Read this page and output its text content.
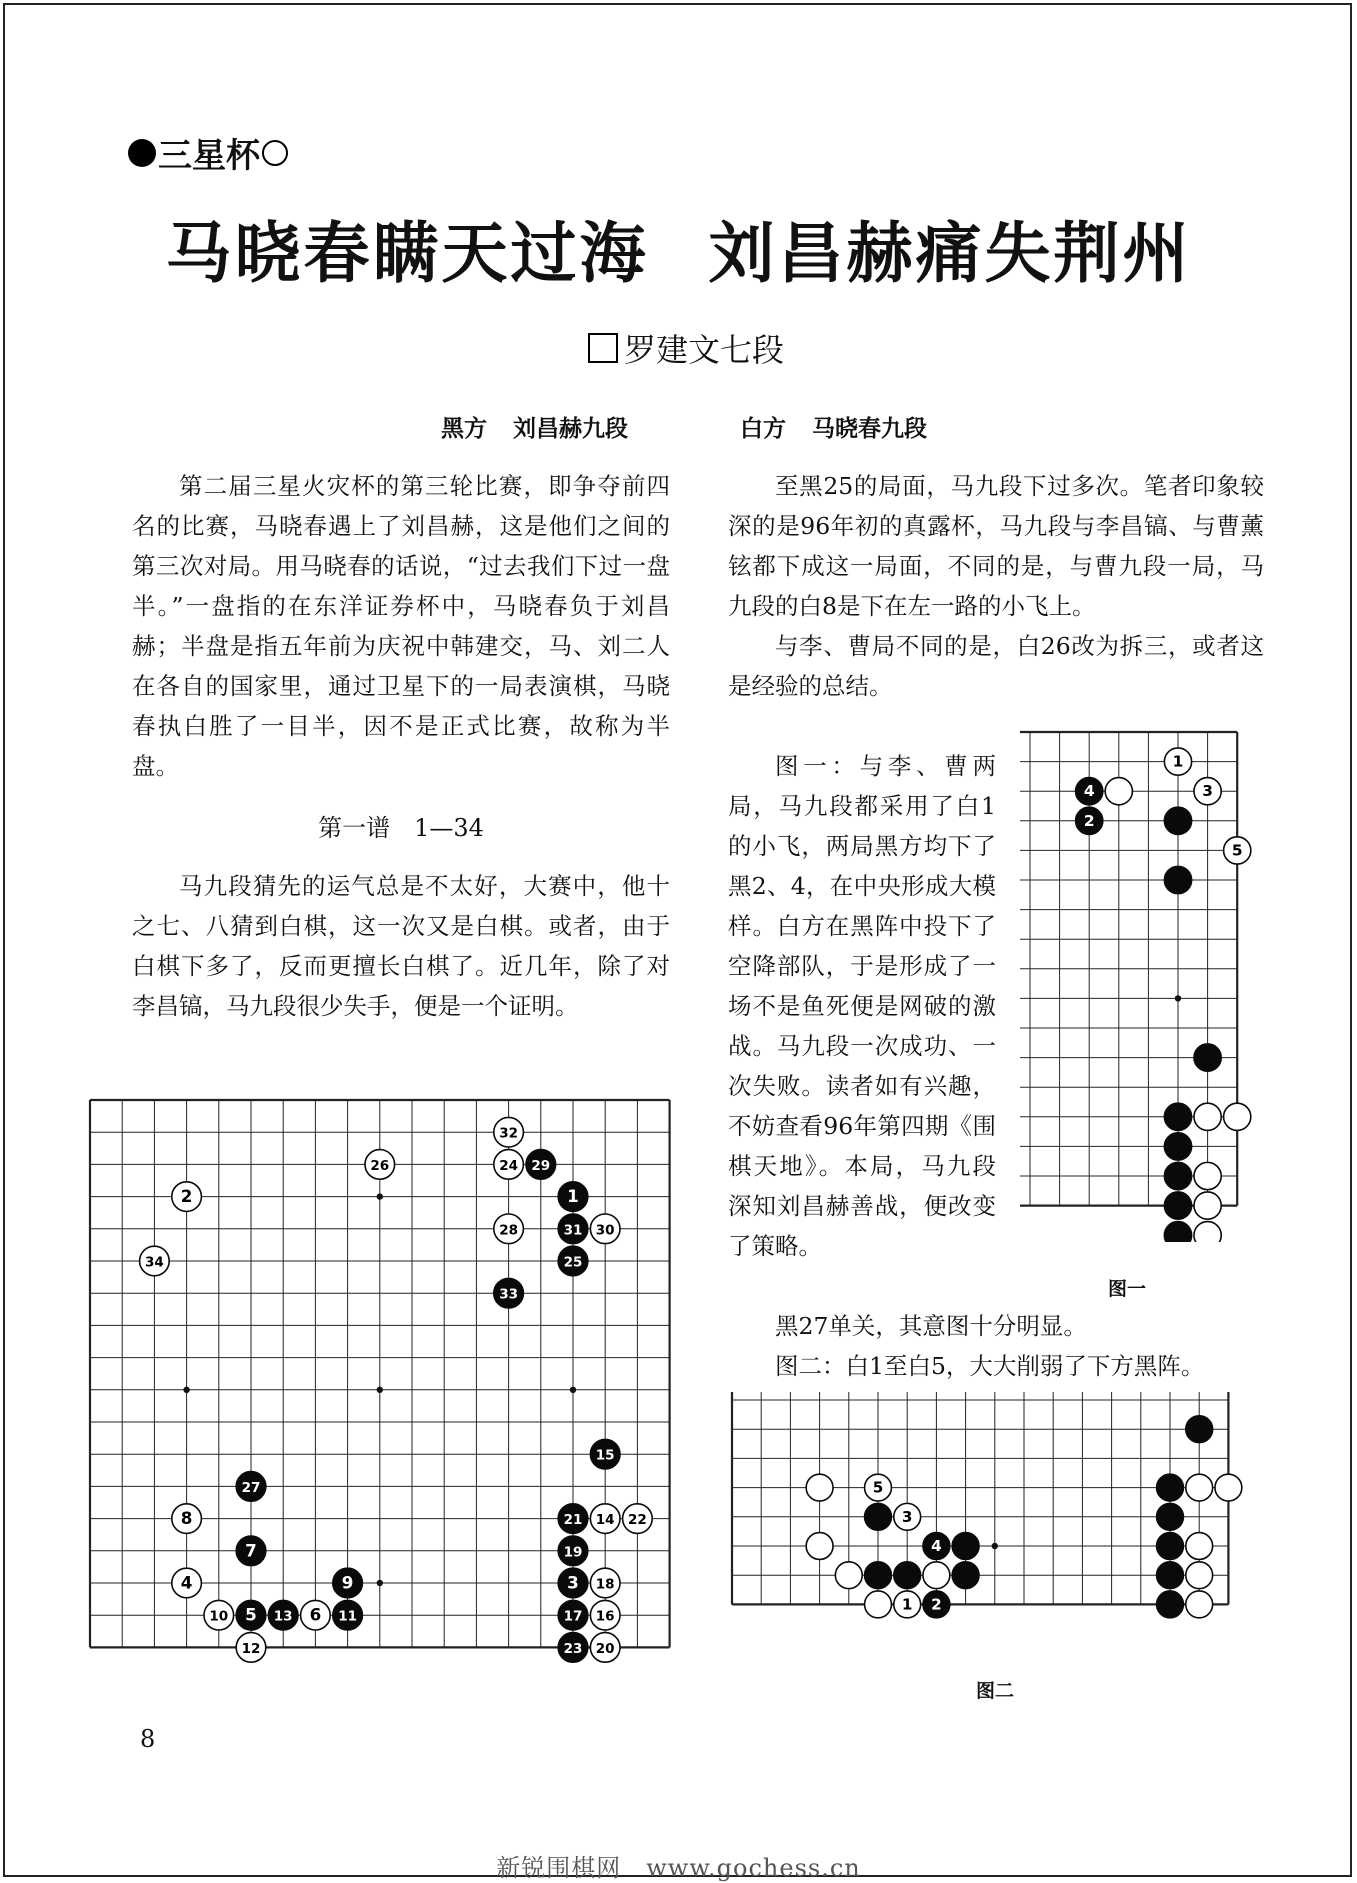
三星杯
马晓春瞒天过海 刘昌赫痛失荆州
罗建文七段
黑方 刘昌赫九段	白方 马晓春九段

第二届三星火灾杯的第三轮比赛，即争夺前四名的比赛，马晓春遇上了刘昌赫，这是他们之间的第三次对局。用马晓春的话说，“过去我们下过一盘半。”一盘指的在东洋证券杯中，马晓春负于刘昌赫；半盘是指五年前为庆祝中韩建交，马、刘二人在各自的国家里，通过卫星下的一局表演棋，马晓春执白胜了一目半，因不是正式比赛，故称为半盘。

第一谱　1—34

马九段猜先的运气总是不太好，大赛中，他十之七、八猜到白棋，这一次又是白棋。或者，由于白棋下多了，反而更擅长白棋了。近几年，除了对李昌镐，马九段很少失手，便是一个证明。

至黑25的局面，马九段下过多次。笔者印象较深的是96年初的真露杯，马九段与李昌镐、与曹薰铉都下成这一局面，不同的是，与曹九段一局，马九段的白8是下在左一路的小飞上。

与李、曹局不同的是，白26改为拆三，或者这是经验的总结。

图一：与李、曹两局，马九段都采用了白1的小飞，两局黑方均下了黑2、4，在中央形成大模样。白方在黑阵中投下了空降部队，于是形成了一场不是鱼死便是网破的激战。马九段一次成功、一次失败。读者如有兴趣，不妨查看96年第四期《围棋天地》。本局，马九段深知刘昌赫善战，便改变了策略。

黑27单关，其意图十分明显。

图二：白1至白5，大大削弱了下方黑阵。

1
2
3
4
5	6
7
8
9
10	11
12
13
14
15
16
17
18
19
20
21	22
23
24
25
26
27
28
29
30
31
32
33
34
1
2
3
4
5
图一
1 2
3
4
5
图二
8
新锐围棋网　www.gochess.cn
